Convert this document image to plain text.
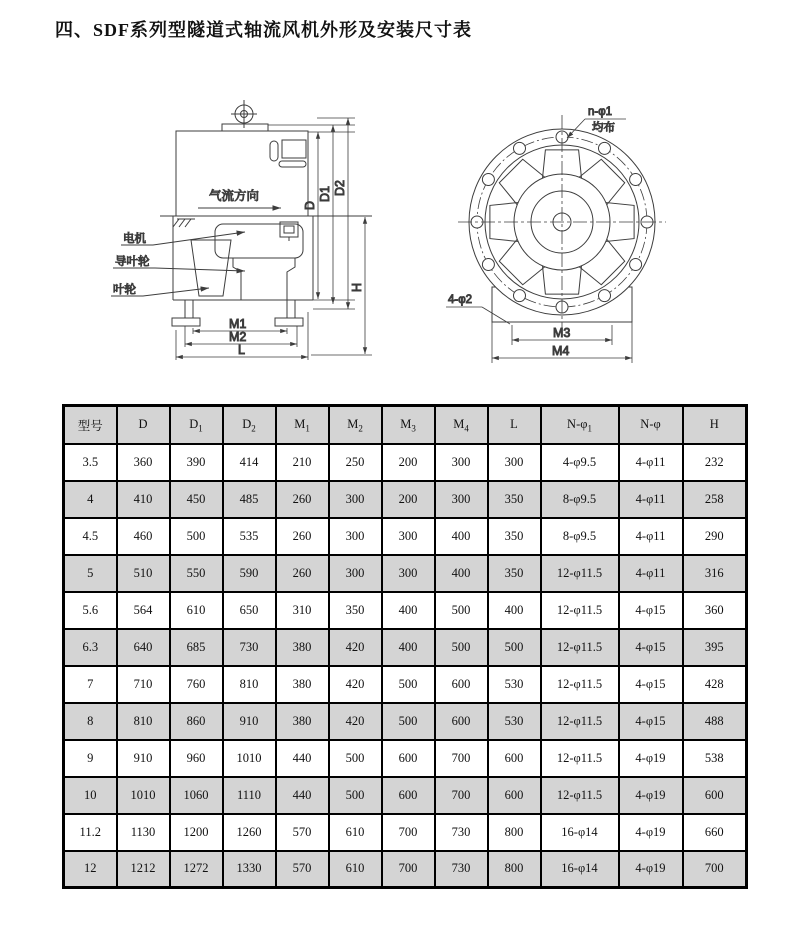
四、SDF系列型隧道式轴流风机外形及安装尺寸表
气流方向
电机
导叶轮
叶轮
D
D1 D2
H
M1
M2
L
n-φ1
均布
4-φ2
M3
M4
型号	D	$D_1$	$D_2$	$M_1$	$M_2$	$M_3$	$M_4$	L	$N-\varphi_1$	N-φ	H
3.5	360	390	414	210	250	200	300	300	4-φ9.5	4-φ11	232
4	410	450	485	260	300	200	300	350	8-φ9.5	4-φ11	258
4.5	460	500	535	260	300	300	400	350	8-φ9.5	4-φ11	290
5	510	550	590	260	300	300	400	350	12-φ11.5	4-φ11	316
5.6	564	610	650	310	350	400	500	400	12-φ11.5	4-φ15	360
6.3	640	685	730	380	420	400	500	500	12-φ11.5	4-φ15	395
7	710	760	810	380	420	500	600	530	12-φ11.5	4-φ15	428
8	810	860	910	380	420	500	600	530	12-φ11.5	4-φ15	488
9	910	960	1010	440	500	600	700	600	12-φ11.5	4-φ19	538
10	1010	1060	1110	440	500	600	700	600	12-φ11.5	4-φ19	600
11.2	1130	1200	1260	570	610	700	730	800	16-φ14	4-φ19	660
12	1212	1272	1330	570	610	700	730	800	16-φ14	4-φ19	700
